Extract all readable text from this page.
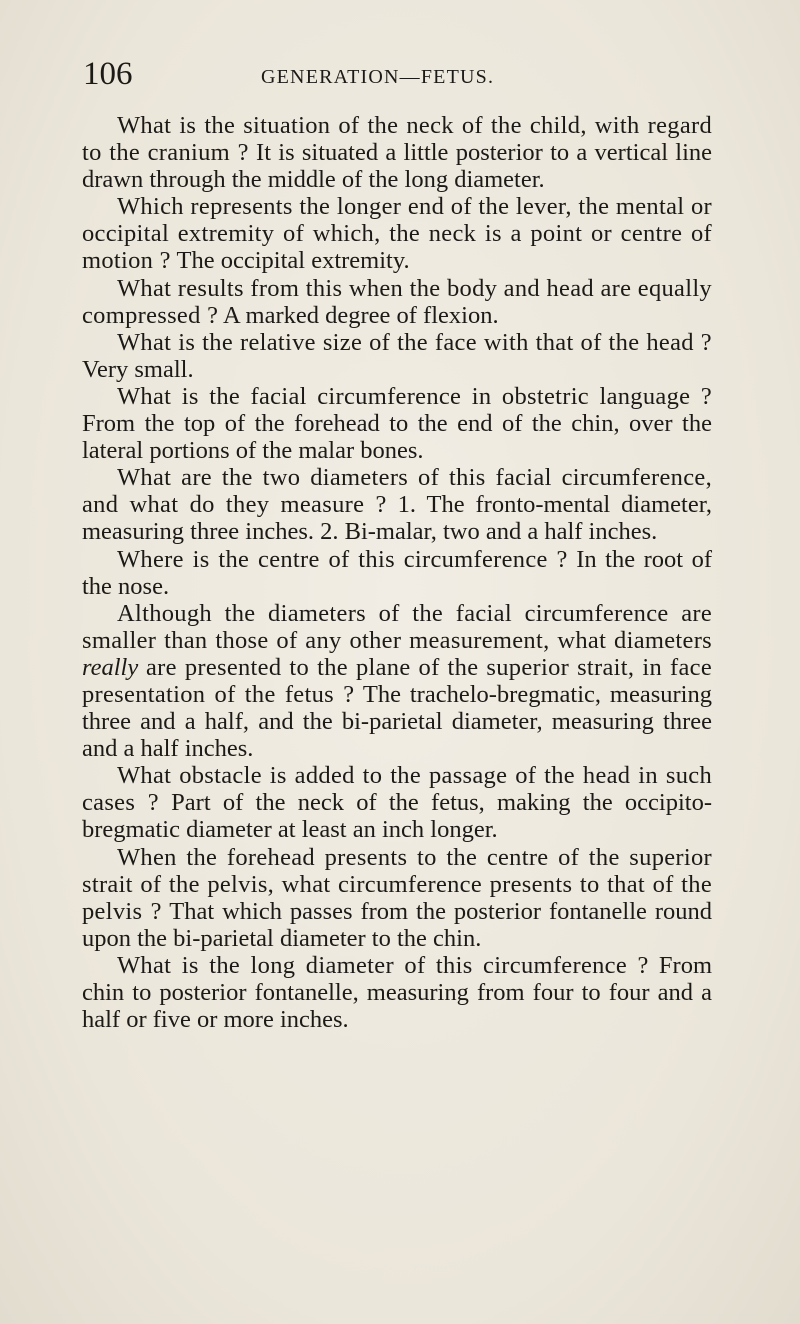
106	GENERATION—FETUS.

What is the situation of the neck of the child, with regard to the cranium ? It is situated a little posterior to a vertical line drawn through the middle of the long diameter.

Which represents the longer end of the lever, the mental or occipital extremity of which, the neck is a point or centre of motion ? The occipital extremity.

What results from this when the body and head are equally compressed ? A marked degree of flexion.

What is the relative size of the face with that of the head ? Very small.

What is the facial circumference in obstetric language ? From the top of the forehead to the end of the chin, over the lateral portions of the malar bones.

What are the two diameters of this facial circumference, and what do they measure ? 1. The fronto-mental diameter, measuring three inches. 2. Bi-malar, two and a half inches.

Where is the centre of this circumference ? In the root of the nose.

Although the diameters of the facial circumference are smaller than those of any other measurement, what diameters really are presented to the plane of the superior strait, in face presentation of the fetus ? The trachelo-bregmatic, measuring three and a half, and the bi-parietal diameter, measuring three and a half inches.

What obstacle is added to the passage of the head in such cases ? Part of the neck of the fetus, making the occipito-bregmatic diameter at least an inch longer.

When the forehead presents to the centre of the superior strait of the pelvis, what circumference presents to that of the pelvis ? That which passes from the posterior fontanelle round upon the bi-parietal diameter to the chin.

What is the long diameter of this circumference ? From chin to posterior fontanelle, measuring from four to four and a half or five or more inches.
